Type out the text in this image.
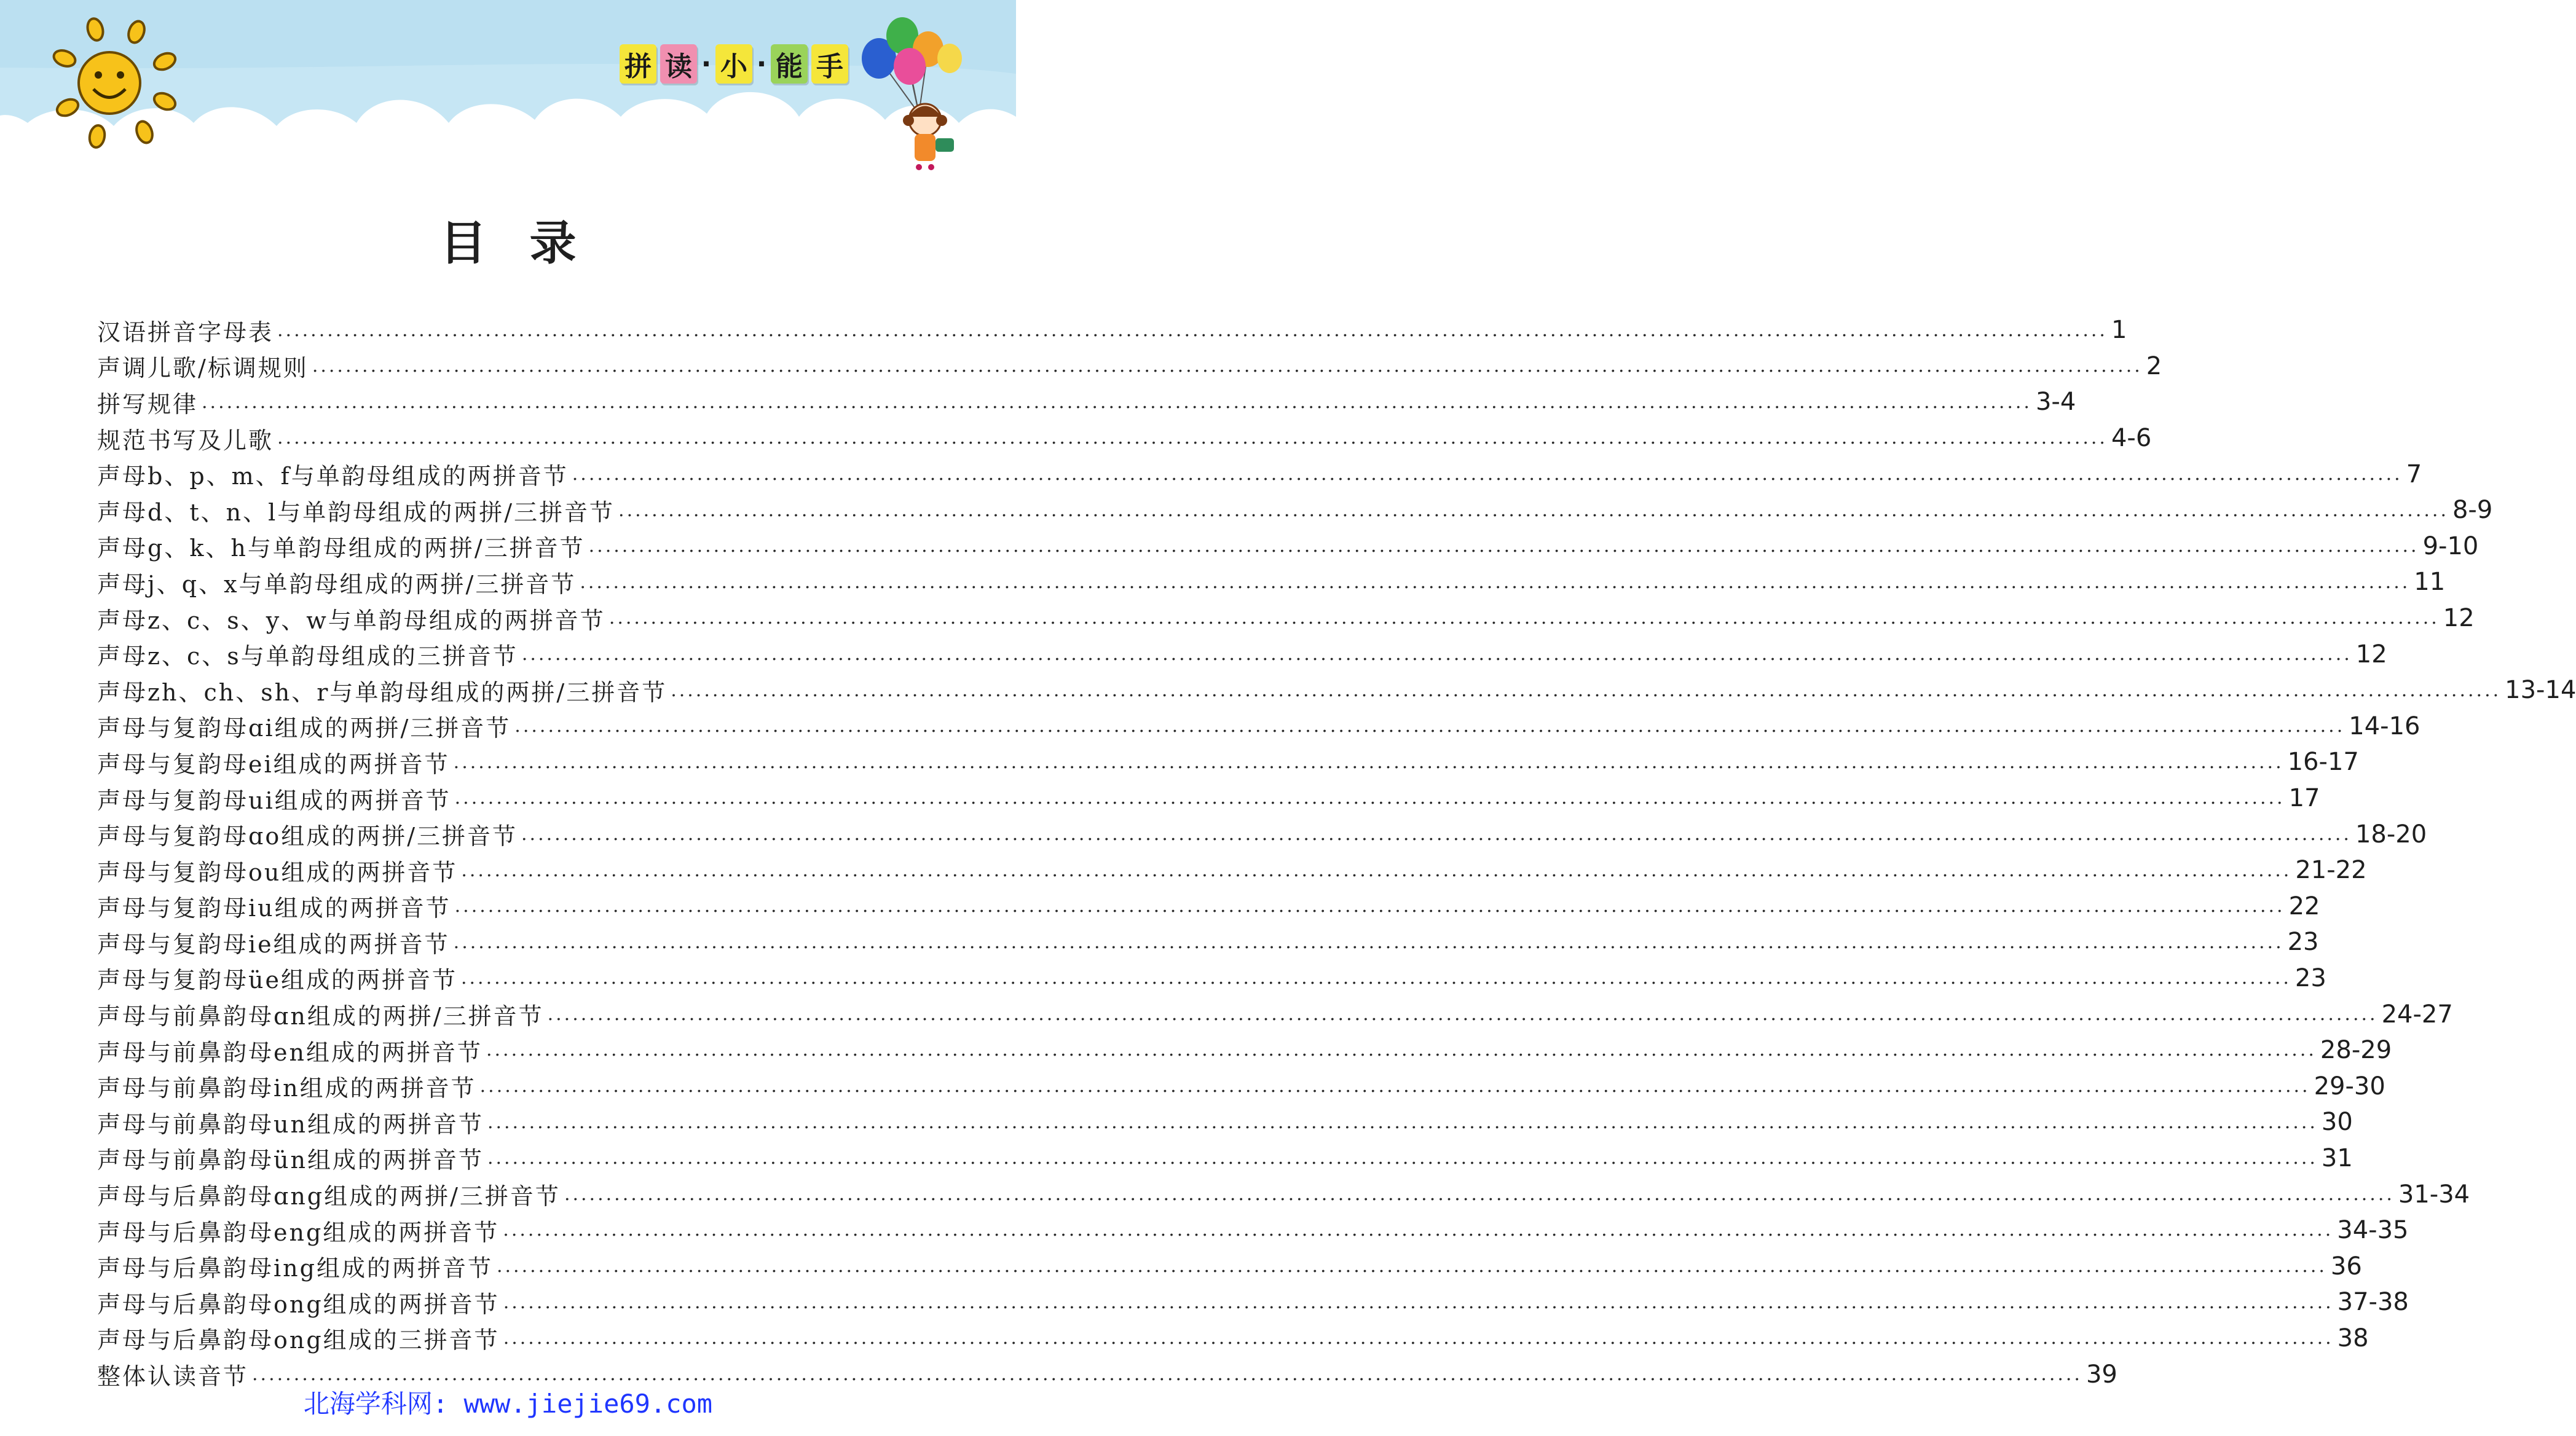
拼 读 · 小 · 能 手
目录
汉语拼音字母表 ............................................................................................................................................................................................................................ 1
声调儿歌/标调规则 ............................................................................................................................................................................................................................ 2
拼写规律 ............................................................................................................................................................................................................................ 3-4
规范书写及儿歌 ............................................................................................................................................................................................................................ 4-6
声母b、p、m、f与单韵母组成的两拼音节 ............................................................................................................................................................................................................................ 7
声母d、t、n、l与单韵母组成的两拼/三拼音节 ............................................................................................................................................................................................................................ 8-9
声母g、k、h与单韵母组成的两拼/三拼音节 ............................................................................................................................................................................................................................ 9-10
声母j、q、x与单韵母组成的两拼/三拼音节 ............................................................................................................................................................................................................................ 11
声母z、c、s、y、w与单韵母组成的两拼音节 ............................................................................................................................................................................................................................ 12
声母z、c、s与单韵母组成的三拼音节 ............................................................................................................................................................................................................................ 12
声母zh、ch、sh、r与单韵母组成的两拼/三拼音节 ............................................................................................................................................................................................................................ 13-14
声母与复韵母ɑi组成的两拼/三拼音节 ............................................................................................................................................................................................................................ 14-16
声母与复韵母ei组成的两拼音节 ............................................................................................................................................................................................................................ 16-17
声母与复韵母ui组成的两拼音节 ............................................................................................................................................................................................................................ 17
声母与复韵母ɑo组成的两拼/三拼音节 ............................................................................................................................................................................................................................ 18-20
声母与复韵母ou组成的两拼音节 ............................................................................................................................................................................................................................ 21-22
声母与复韵母iu组成的两拼音节 ............................................................................................................................................................................................................................ 22
声母与复韵母ie组成的两拼音节 ............................................................................................................................................................................................................................ 23
声母与复韵母üe组成的两拼音节 ............................................................................................................................................................................................................................ 23
声母与前鼻韵母ɑn组成的两拼/三拼音节 ............................................................................................................................................................................................................................ 24-27
声母与前鼻韵母en组成的两拼音节 ............................................................................................................................................................................................................................ 28-29
声母与前鼻韵母in组成的两拼音节 ............................................................................................................................................................................................................................ 29-30
声母与前鼻韵母un组成的两拼音节 ............................................................................................................................................................................................................................ 30
声母与前鼻韵母ün组成的两拼音节 ............................................................................................................................................................................................................................ 31
声母与后鼻韵母ɑng组成的两拼/三拼音节 ............................................................................................................................................................................................................................ 31-34
声母与后鼻韵母eng组成的两拼音节 ............................................................................................................................................................................................................................ 34-35
声母与后鼻韵母ing组成的两拼音节 ............................................................................................................................................................................................................................ 36
声母与后鼻韵母ong组成的两拼音节 ............................................................................................................................................................................................................................ 37-38
声母与后鼻韵母ong组成的三拼音节 ............................................................................................................................................................................................................................ 38
整体认读音节 ............................................................................................................................................................................................................................ 39
北海学科网: www.jiejie69.com
